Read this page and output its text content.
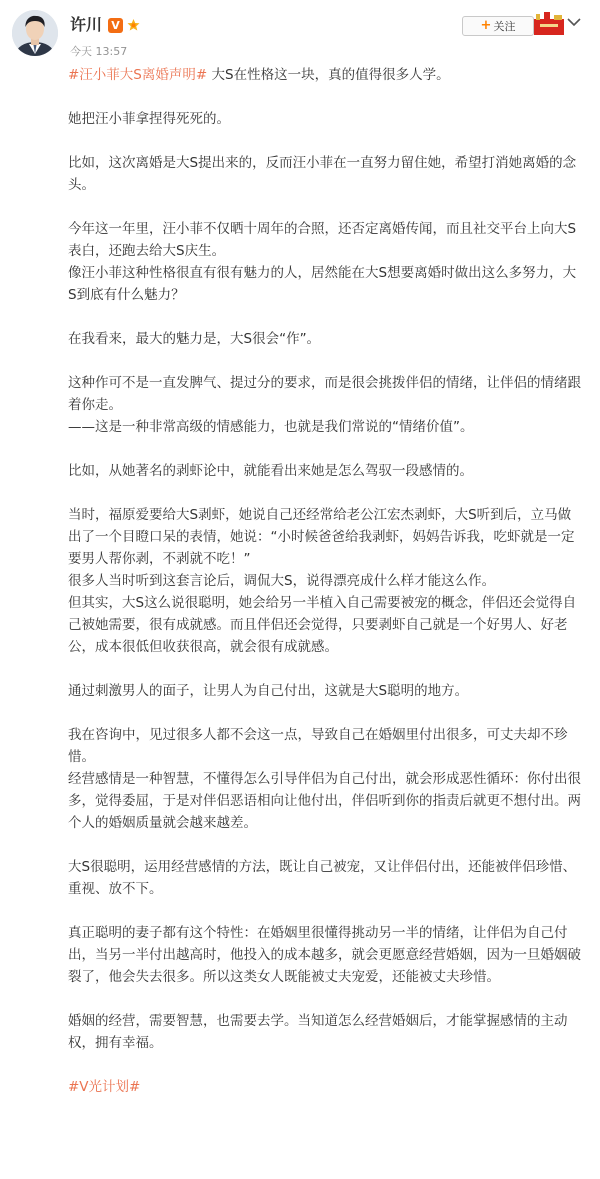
许川 V
今天 13:57
+ 关注

#汪小菲大S离婚声明# 大S在性格这一块，真的值得很多人学。

她把汪小菲拿捏得死死的。

比如，这次离婚是大S提出来的，反而汪小菲在一直努力留住她，希望打消她离婚的念头。

今年这一年里，汪小菲不仅晒十周年的合照，还否定离婚传闻，而且社交平台上向大S表白，还跑去给大S庆生。

像汪小菲这种性格很直有很有魅力的人，居然能在大S想要离婚时做出这么多努力，大S到底有什么魅力？

在我看来，最大的魅力是，大S很会“作”。

这种作可不是一直发脾气、提过分的要求，而是很会挑拨伴侣的情绪，让伴侣的情绪跟着你走。

——这是一种非常高级的情感能力，也就是我们常说的“情绪价值”。

比如，从她著名的剥虾论中，就能看出来她是怎么驾驭一段感情的。

当时，福原爱要给大S剥虾，她说自己还经常给老公江宏杰剥虾，大S听到后，立马做出了一个目瞪口呆的表情，她说：“小时候爸爸给我剥虾，妈妈告诉我，吃虾就是一定要男人帮你剥，不剥就不吃！”

很多人当时听到这套言论后，调侃大S，说得漂亮成什么样才能这么作。

但其实，大S这么说很聪明，她会给另一半植入自己需要被宠的概念，伴侣还会觉得自己被她需要，很有成就感。而且伴侣还会觉得，只要剥虾自己就是一个好男人、好老公，成本很低但收获很高，就会很有成就感。

通过刺激男人的面子，让男人为自己付出，这就是大S聪明的地方。

我在咨询中，见过很多人都不会这一点，导致自己在婚姻里付出很多，可丈夫却不珍惜。

经营感情是一种智慧，不懂得怎么引导伴侣为自己付出，就会形成恶性循环：你付出很多，觉得委屈，于是对伴侣恶语相向让他付出，伴侣听到你的指责后就更不想付出。两个人的婚姻质量就会越来越差。

大S很聪明，运用经营感情的方法，既让自己被宠，又让伴侣付出，还能被伴侣珍惜、重视、放不下。

真正聪明的妻子都有这个特性：在婚姻里很懂得挑动另一半的情绪，让伴侣为自己付出，当另一半付出越高时，他投入的成本越多，就会更愿意经营婚姻，因为一旦婚姻破裂了，他会失去很多。所以这类女人既能被丈夫宠爱，还能被丈夫珍惜。

婚姻的经营，需要智慧，也需要去学。当知道怎么经营婚姻后，才能掌握感情的主动权，拥有幸福。

#V光计划#
